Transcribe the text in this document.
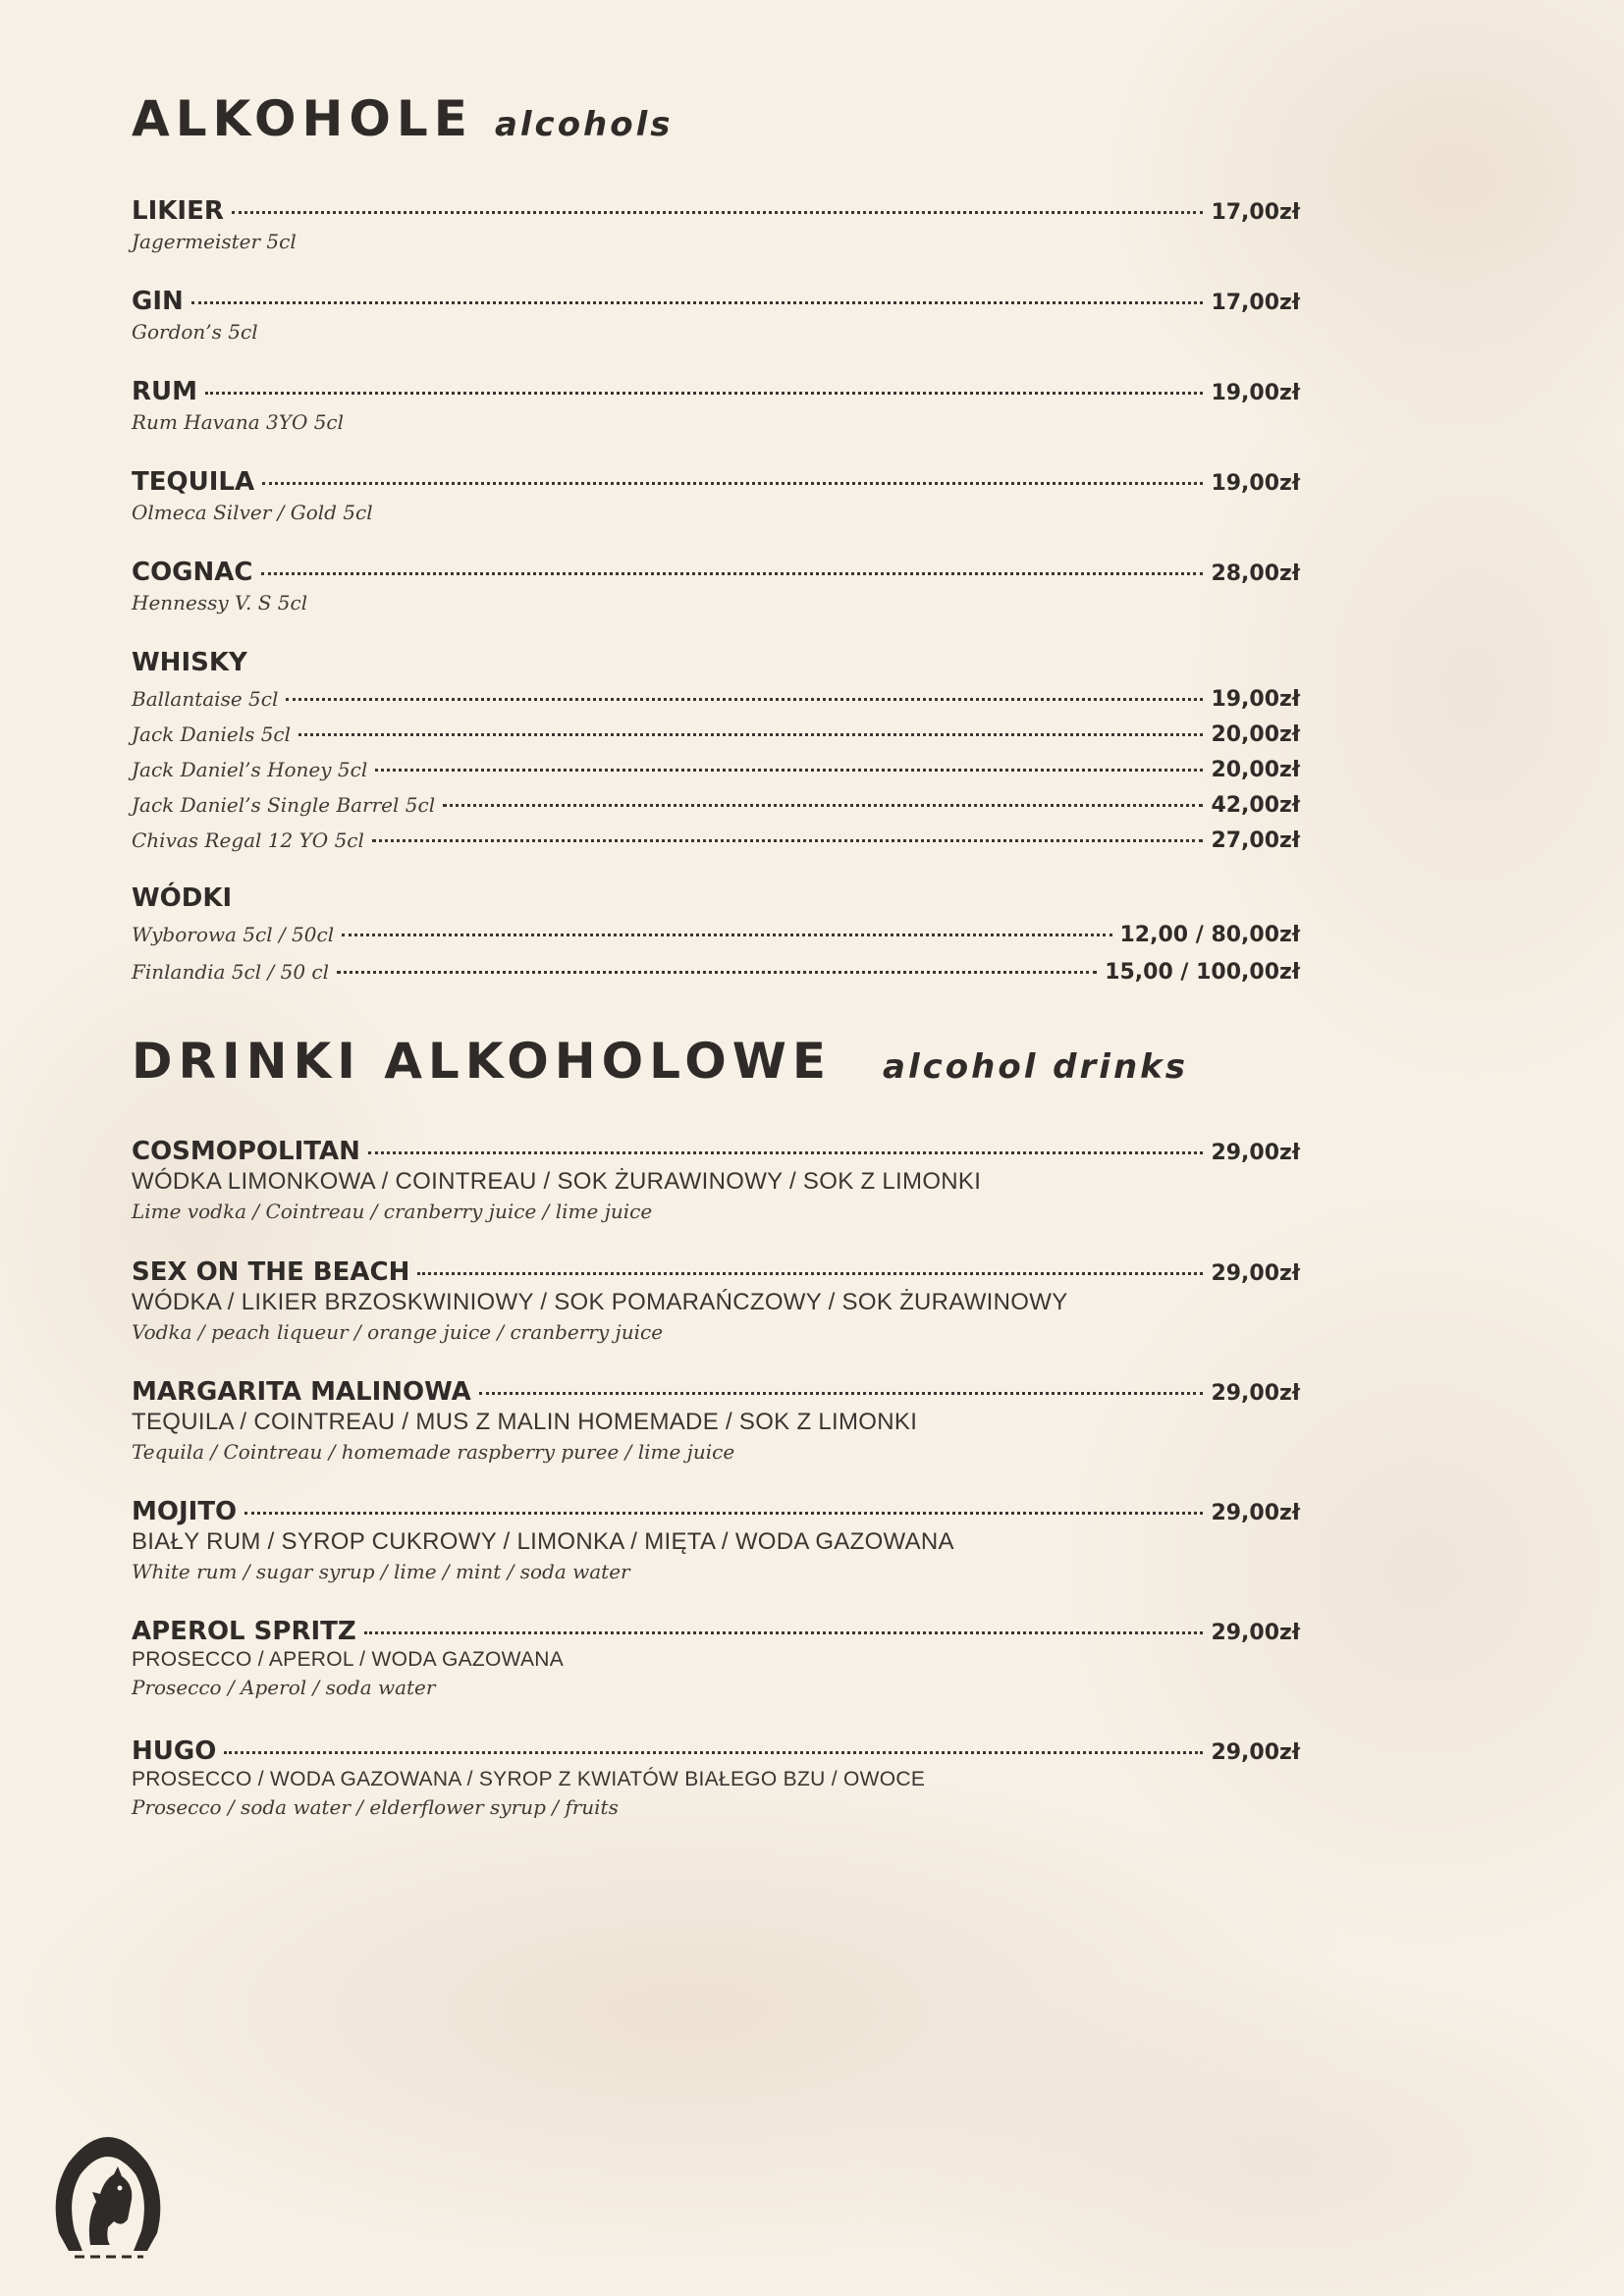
ALKOHOLE alcohols
LIKIER	17,00zł
Jagermeister 5cl
GIN	17,00zł
Gordon’s 5cl
RUM	19,00zł
Rum Havana 3YO 5cl
TEQUILA	19,00zł
Olmeca Silver / Gold 5cl
COGNAC	28,00zł
Hennessy V. S 5cl
WHISKY
Ballantaise 5cl	19,00zł
Jack Daniels 5cl	20,00zł
Jack Daniel’s Honey 5cl	20,00zł
Jack Daniel’s Single Barrel 5cl	42,00zł
Chivas Regal 12 YO 5cl	27,00zł
WÓDKI
Wyborowa 5cl / 50cl	12,00 / 80,00zł
Finlandia 5cl / 50 cl	15,00 / 100,00zł
DRINKI ALKOHOLOWE alcohol drinks
COSMOPOLITAN	29,00zł
WÓDKA LIMONKOWA / COINTREAU / SOK ŻURAWINOWY / SOK Z LIMONKI
Lime vodka / Cointreau / cranberry juice / lime juice
SEX ON THE BEACH	29,00zł
WÓDKA / LIKIER BRZOSKWINIOWY / SOK POMARAŃCZOWY / SOK ŻURAWINOWY
Vodka / peach liqueur / orange juice / cranberry juice
MARGARITA MALINOWA	29,00zł
TEQUILA / COINTREAU / MUS Z MALIN HOMEMADE / SOK Z LIMONKI
Tequila / Cointreau / homemade raspberry puree / lime juice
MOJITO	29,00zł
BIAŁY RUM / SYROP CUKROWY / LIMONKA / MIĘTA / WODA GAZOWANA
White rum / sugar syrup / lime / mint / soda water
APEROL SPRITZ	29,00zł
PROSECCO / APEROL / WODA GAZOWANA
Prosecco / Aperol / soda water
HUGO	29,00zł
PROSECCO / WODA GAZOWANA / SYROP Z KWIATÓW BIAŁEGO BZU / OWOCE
Prosecco / soda water / elderflower syrup / fruits
